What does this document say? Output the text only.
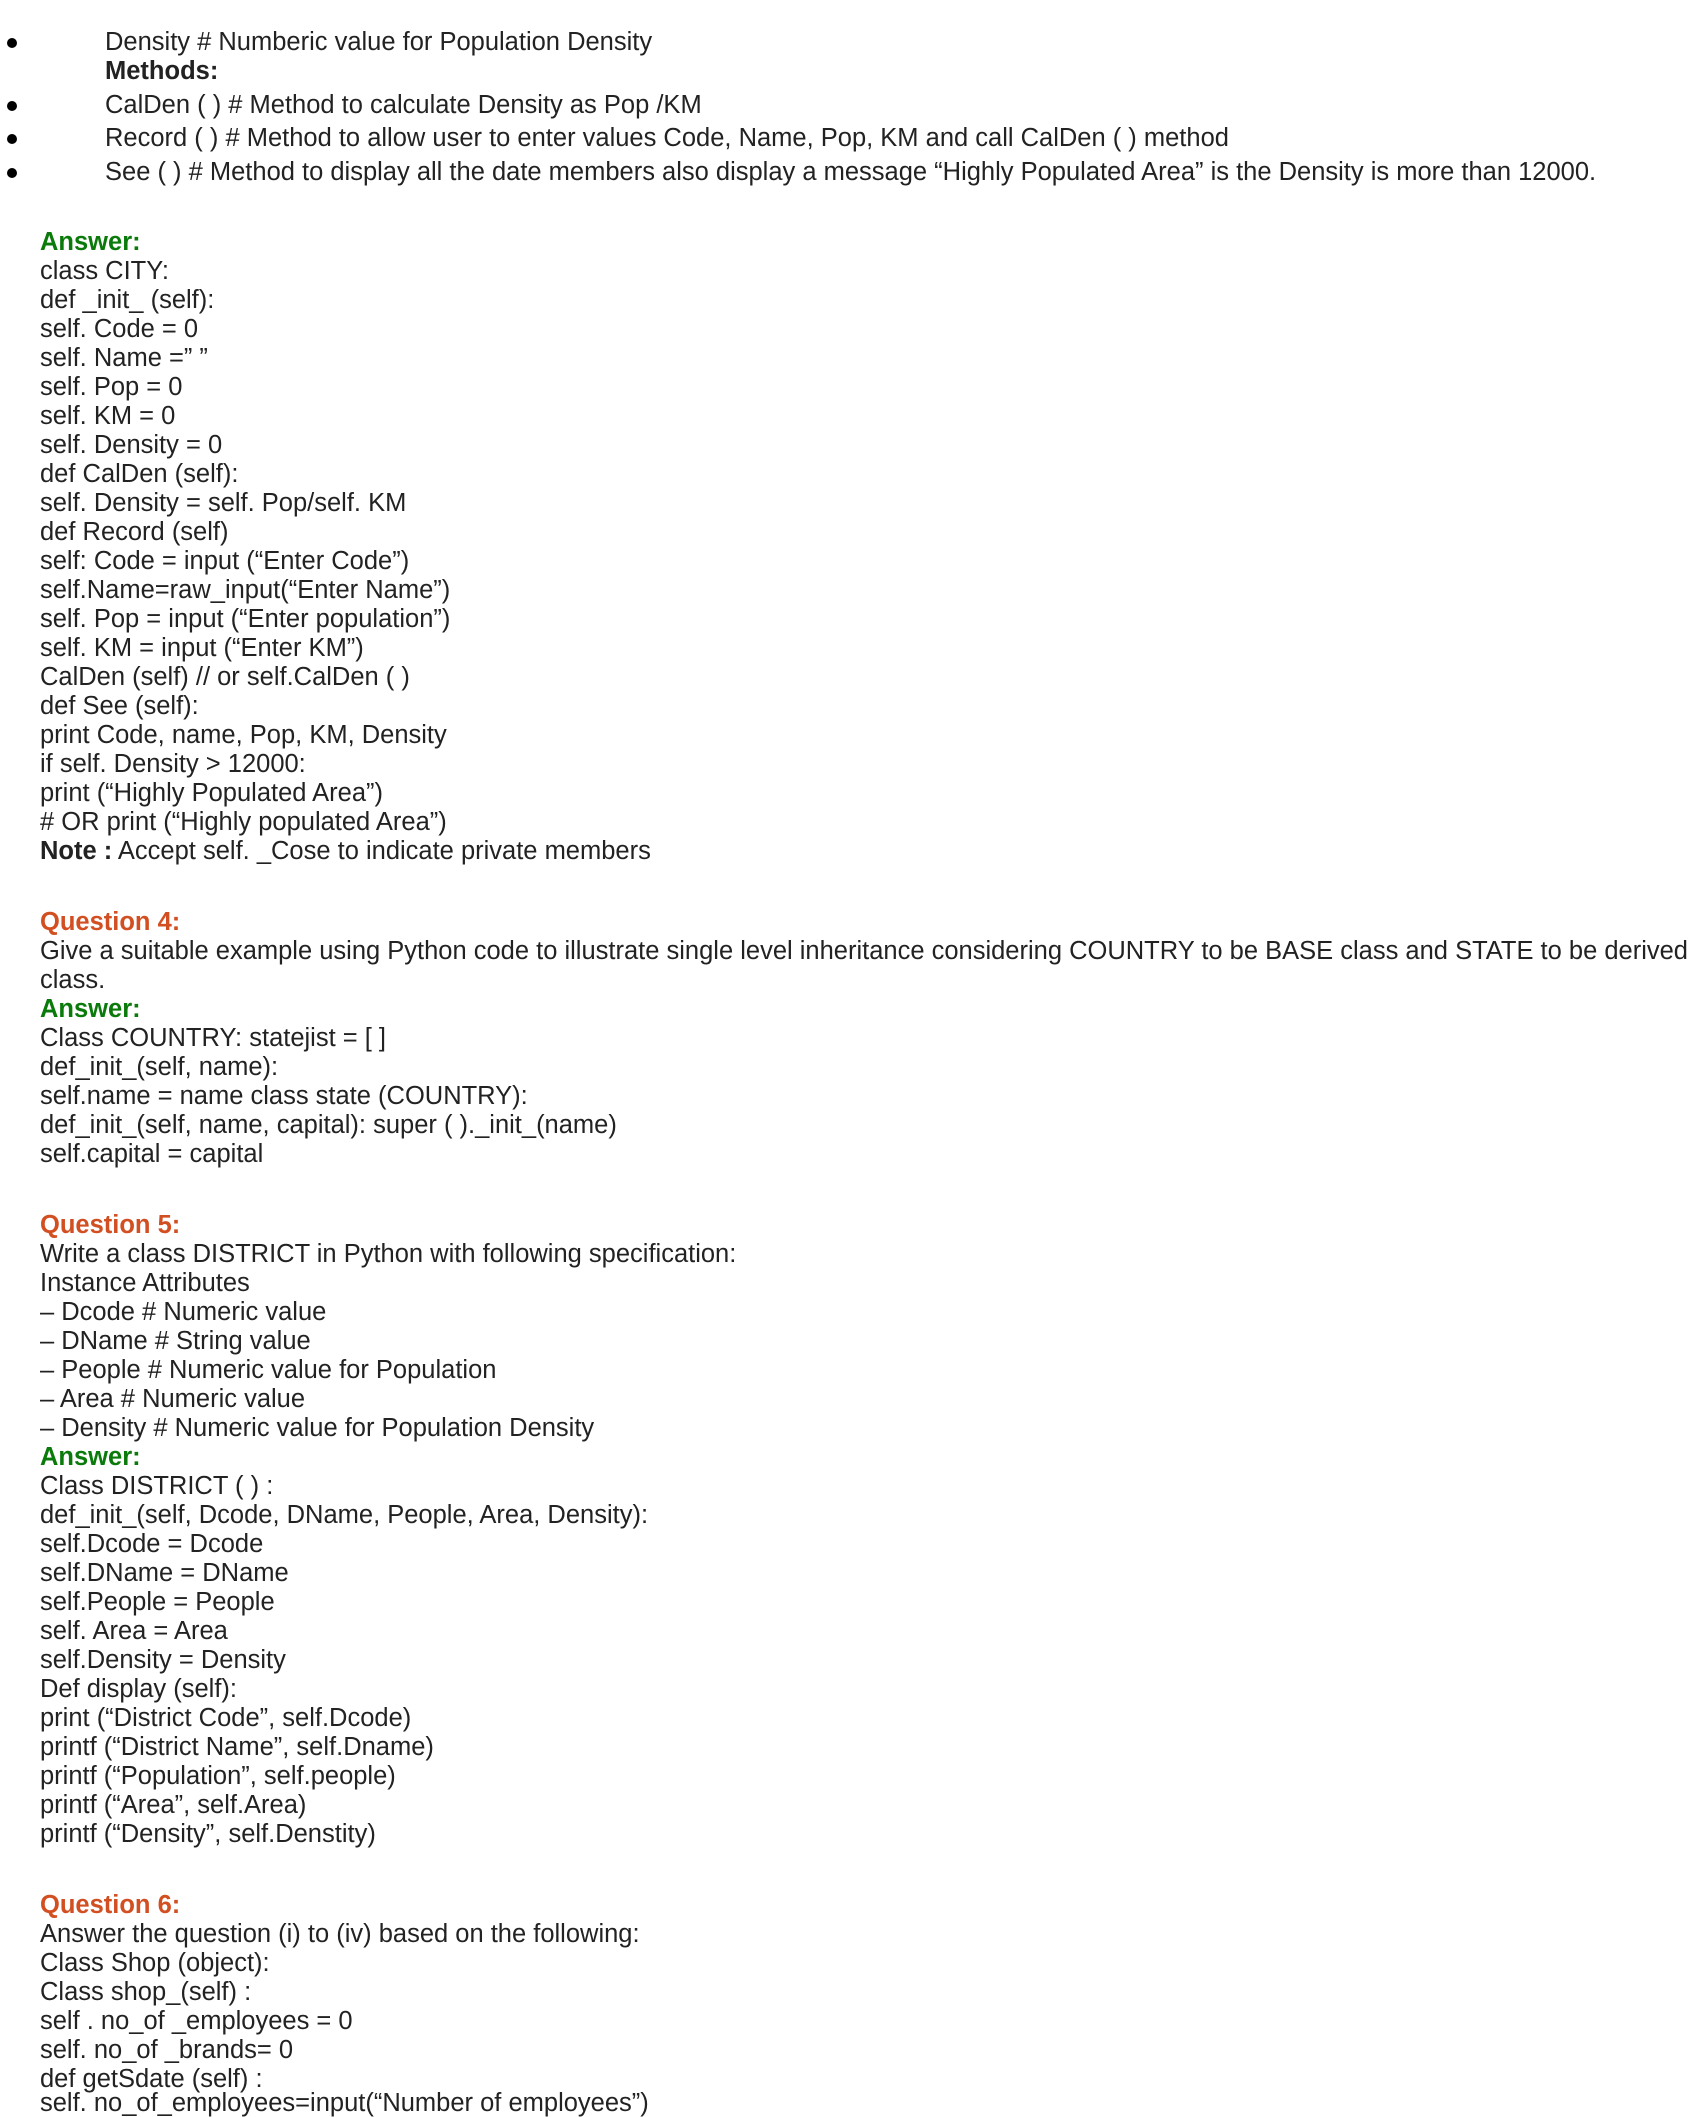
Density # Numberic value for Population Density
Methods:
CalDen ( ) # Method to calculate Density as Pop /KM
Record ( ) # Method to allow user to enter values Code, Name, Pop, KM and call CalDen ( ) method
See ( ) # Method to display all the date members also display a message “Highly Populated Area” is the Density is more than 12000.
Answer:
class CITY:
def _init_ (self):
self. Code = 0
self. Name =” ”
self. Pop = 0
self. KM = 0
self. Density = 0
def CalDen (self):
self. Density = self. Pop/self. KM
def Record (self)
self: Code = input (“Enter Code”)
self.Name=raw_input(“Enter Name”)
self. Pop = input (“Enter population”)
self. KM = input (“Enter KM”)
CalDen (self) // or self.CalDen ( )
def See (self):
print Code, name, Pop, KM, Density
if self. Density > 12000:
print (“Highly Populated Area”)
# OR print (“Highly populated Area”)
Note : Accept self. _Cose to indicate private members
Question 4:
Give a suitable example using Python code to illustrate single level inheritance considering COUNTRY to be BASE class and STATE to be derived
class.
Answer:
Class COUNTRY: statejist = [ ]
def_init_(self, name):
self.name = name class state (COUNTRY):
def_init_(self, name, capital): super ( )._init_(name)
self.capital = capital
Question 5:
Write a class DISTRICT in Python with following specification:
Instance Attributes
– Dcode # Numeric value
– DName # String value
– People # Numeric value for Population
– Area # Numeric value
– Density # Numeric value for Population Density
Answer:
Class DISTRICT ( ) :
def_init_(self, Dcode, DName, People, Area, Density):
self.Dcode = Dcode
self.DName = DName
self.People = People
self. Area = Area
self.Density = Density
Def display (self):
print (“District Code”, self.Dcode)
printf (“District Name”, self.Dname)
printf (“Population”, self.people)
printf (“Area”, self.Area)
printf (“Density”, self.Denstity)
Question 6:
Answer the question (i) to (iv) based on the following:
Class Shop (object):
Class shop_(self) :
self . no_of _employees = 0
self. no_of _brands= 0
def getSdate (self) :
self. no_of_employees=input(“Number of employees”)
